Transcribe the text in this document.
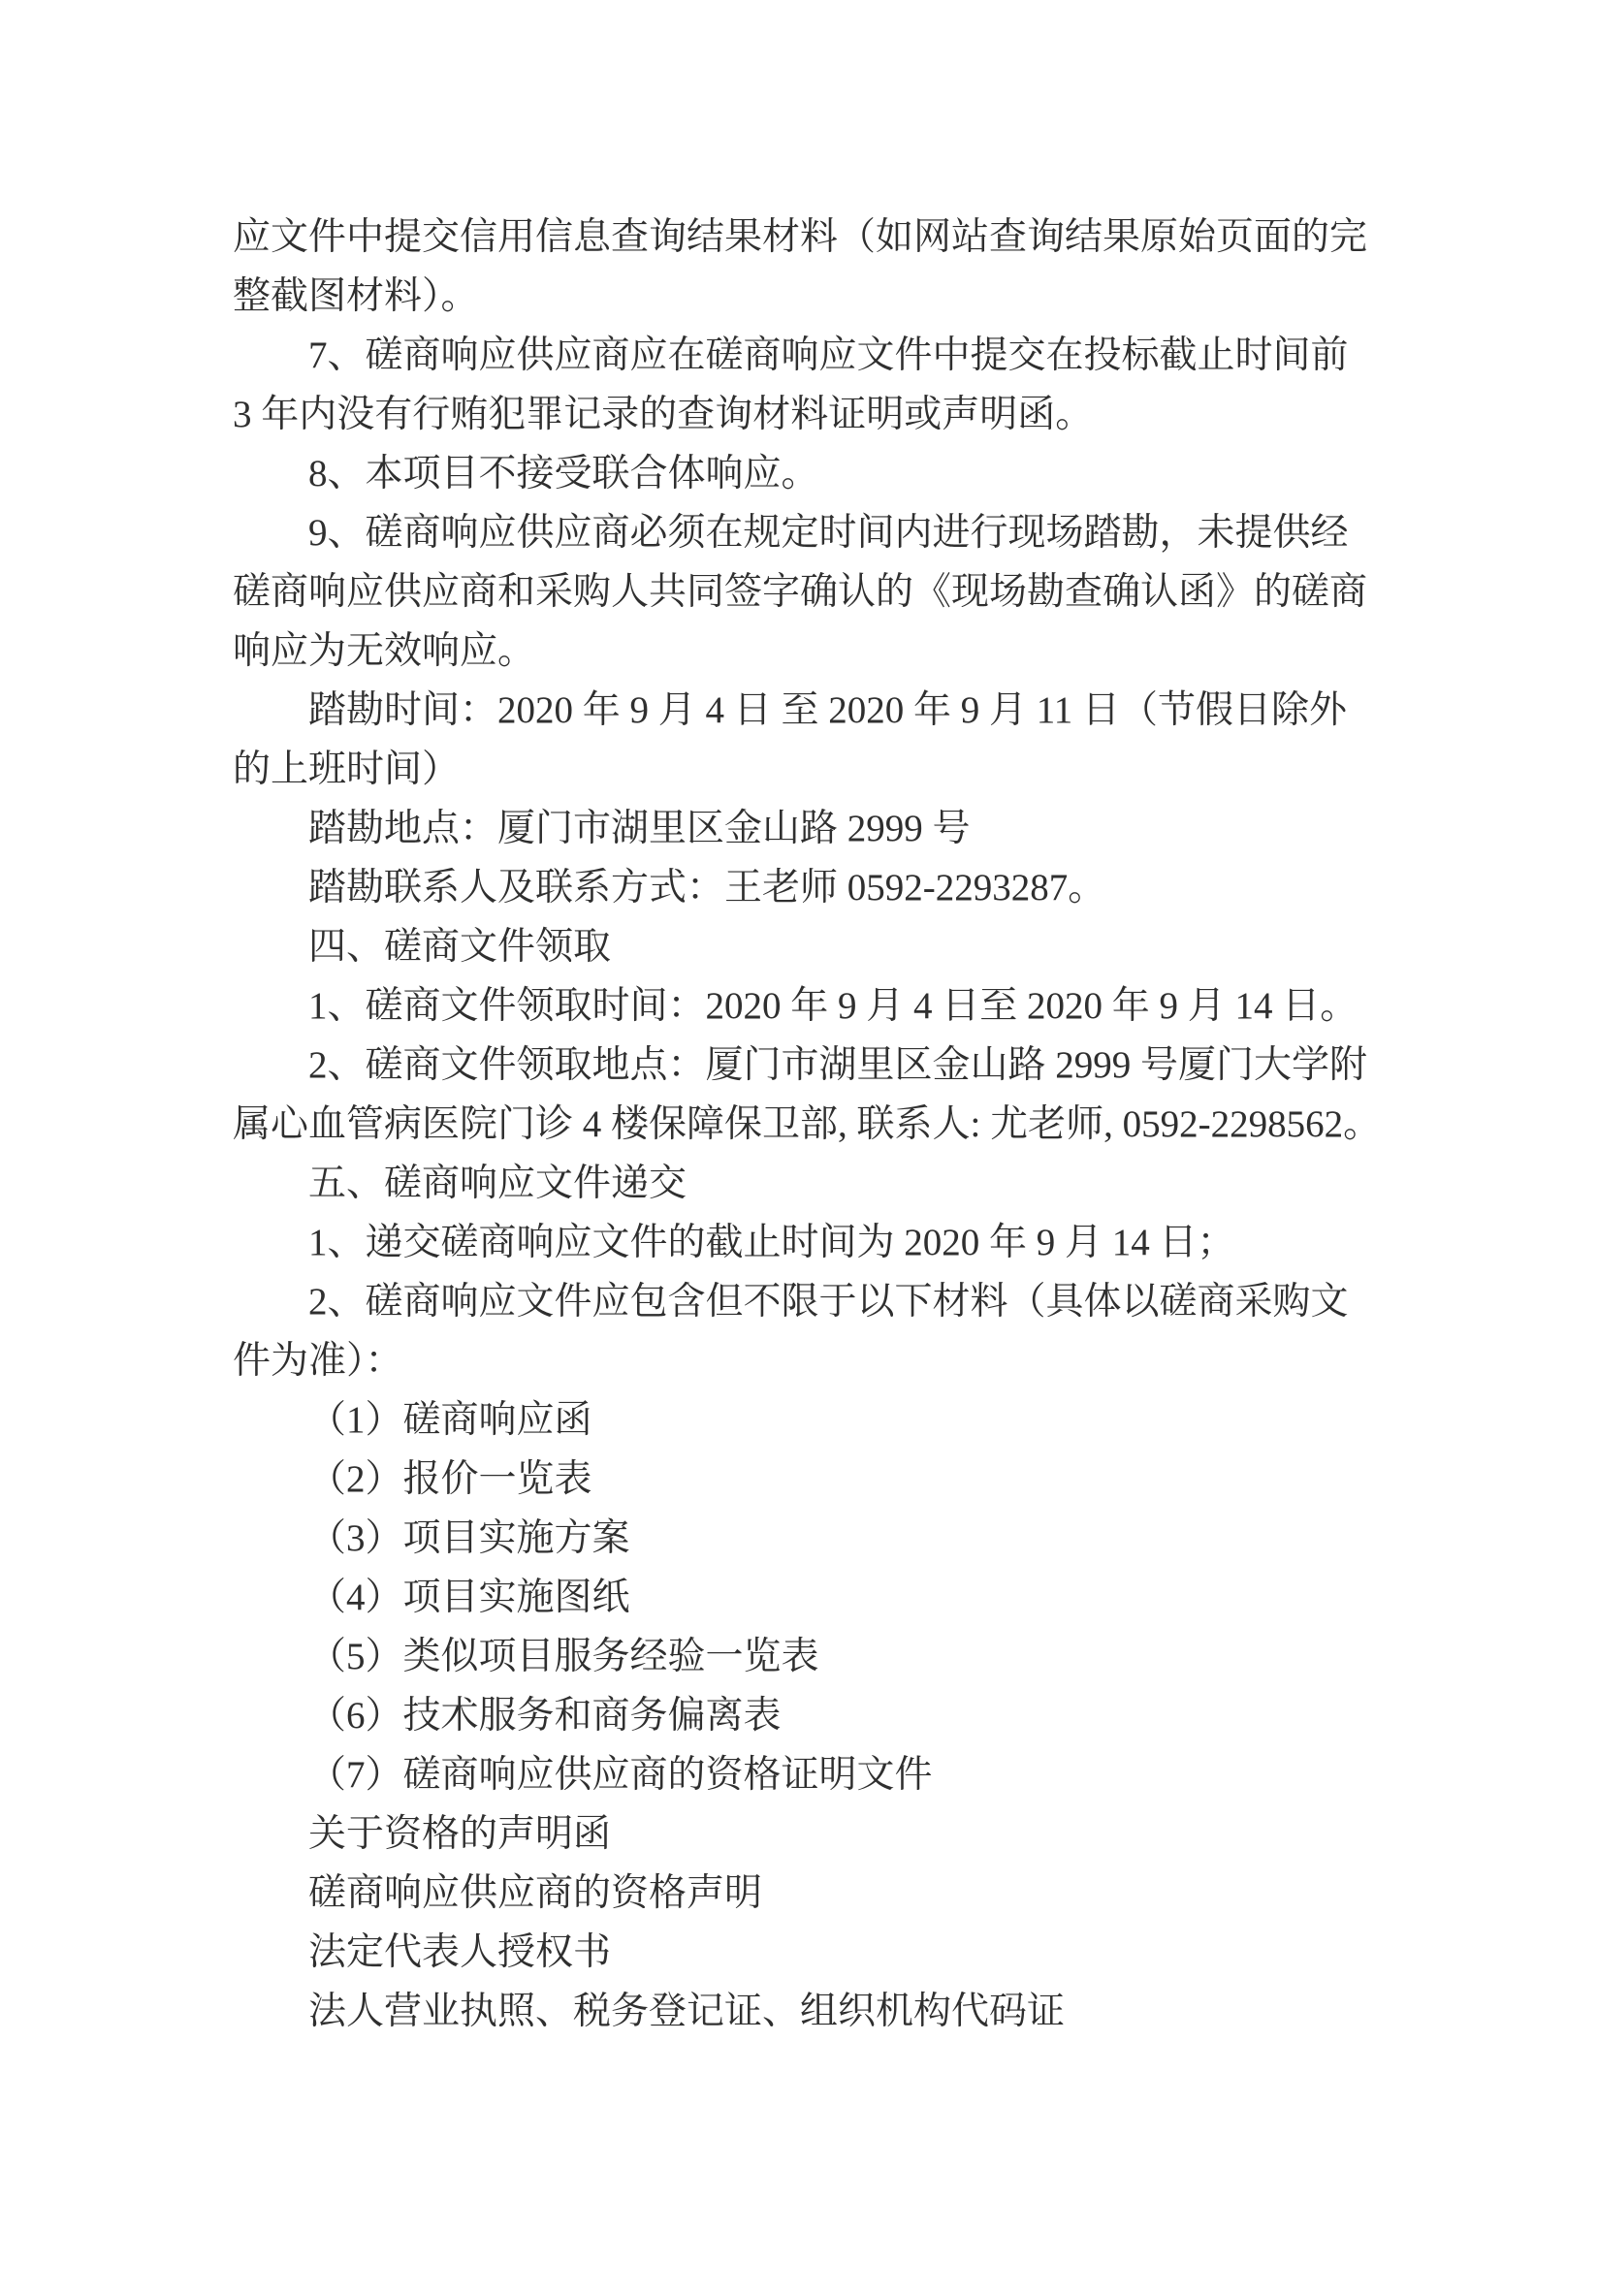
应文件中提交信用信息查询结果材料（如网站查询结果原始页面的完
整截图材料）。
7、磋商响应供应商应在磋商响应文件中提交在投标截止时间前
3 年内没有行贿犯罪记录的查询材料证明或声明函。
8、本项目不接受联合体响应。
9、磋商响应供应商必须在规定时间内进行现场踏勘，未提供经
磋商响应供应商和采购人共同签字确认的《现场勘查确认函》的磋商
响应为无效响应。
踏勘时间：2020 年 9 月 4 日 至 2020 年 9 月 11 日（节假日除外
的上班时间）
踏勘地点：厦门市湖里区金山路 2999 号
踏勘联系人及联系方式：王老师 0592-2293287。
四、磋商文件领取
1、磋商文件领取时间：2020 年 9 月 4 日至 2020 年 9 月 14 日。
2、磋商文件领取地点：厦门市湖里区金山路 2999 号厦门大学附
属心血管病医院门诊 4 楼保障保卫部, 联系人: 尤老师, 0592-2298562。
五、磋商响应文件递交
1、递交磋商响应文件的截止时间为 2020 年 9 月 14 日；
2、磋商响应文件应包含但不限于以下材料（具体以磋商采购文
件为准）：
（1）磋商响应函
（2）报价一览表
（3）项目实施方案
（4）项目实施图纸
（5）类似项目服务经验一览表
（6）技术服务和商务偏离表
（7）磋商响应供应商的资格证明文件
关于资格的声明函
磋商响应供应商的资格声明
法定代表人授权书
法人营业执照、税务登记证、组织机构代码证
